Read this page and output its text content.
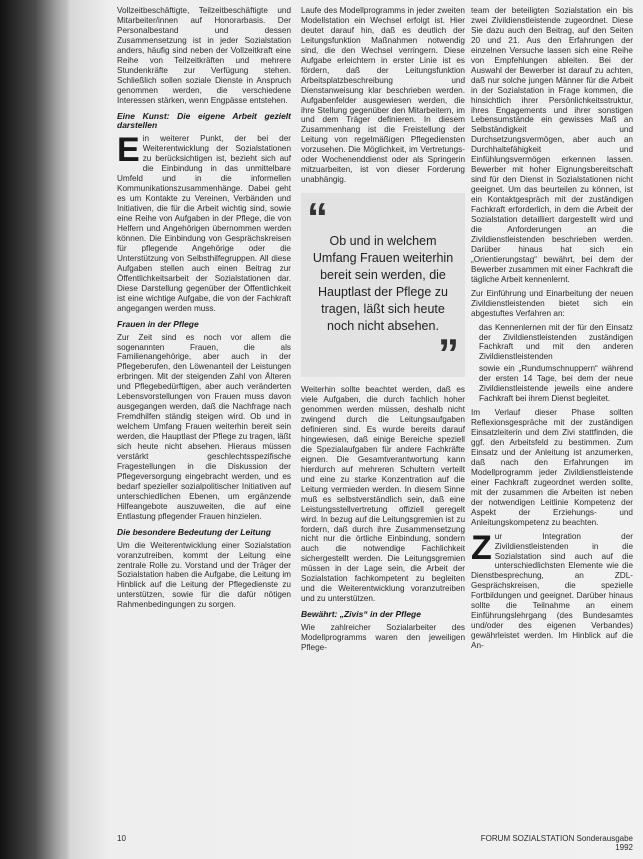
Vollzeitbeschäftigte, Teilzeitbeschäftigte und Mitarbeiter/innen auf Honorarbasis. Der Personalbestand und dessen Zusammensetzung ist in jeder Sozialstation anders, häufig sind neben der Vollzeitkraft eine Reihe von Teilzeitkräften und mehrere Stundenkräfte zur Verfügung stehen. Schließlich sollen soziale Dienste in Anspruch genommen werden, die verschiedene Interessen stärken, wenn Engpässe entstehen.

Eine Kunst: Die eigene Arbeit gezielt darstellen

Ein weiterer Punkt, der bei der Weiterentwicklung der Sozialstationen zu berücksichtigen ist, bezieht sich auf die Einbindung in das unmittelbare Umfeld und in die informellen Kommunikationszusammenhänge. Dabei geht es um Kontakte zu Vereinen, Verbänden und Initiativen, die für die Arbeit wichtig sind, sowie eine Reihe von Aufgaben in der Pflege, die von Helfern und Angehörigen übernommen werden können. Die Einbindung von Gesprächskreisen für pflegende Angehörige oder die Unterstützung von Selbsthilfegruppen. All diese Aufgaben stellen auch einen Beitrag zur Öffentlichkeitsarbeit der Sozialstationen dar. Diese Darstellung gegenüber der Öffentlichkeit ist eine wichtige Aufgabe, die von der Fachkraft angegangen werden muss.

Frauen in der Pflege

Zur Zeit sind es noch vor allem die sogenannten Frauen, die als Familienangehörige, aber auch in der Pflegeberufen, den Löwenanteil der Leistungen erbringen. Mit der steigenden Zahl von Älteren und Pflegebedürftigen, aber auch veränderten Lebensvorstellungen von Frauen muss davon ausgegangen werden, daß die Nachfrage nach Fremdhilfen ständig steigen wird. Ob und in welchem Umfang Frauen weiterhin bereit sein werden, die Hauptlast der Pflege zu tragen, läßt sich heute nicht absehen. Hieraus müssen verstärkt geschlechtsspezifische Fragestellungen in die Diskussion der Pflegeversorgung eingebracht werden, und es bedarf spezieller sozialpolitischer Initiativen auf unterschiedlichen Ebenen, um ergänzende Hilfeangebote auszuweiten, die auf eine Entlastung pflegender Frauen hinzielen.

Die besondere Bedeutung der Leitung

Um die Weiterentwicklung einer Sozialstation voranzutreiben, kommt der Leitung eine zentrale Rolle zu. Vorstand und der Träger der Sozialstation haben die Aufgabe, die Leitung im Hinblick auf die Leitung der Pflegedienste zu unterstützen, sowie für die dafür nötigen Rahmenbedingungen zu sorgen.

Laufe des Modellprogramms in jeder zweiten Modellstation ein Wechsel erfolgt ist. Hier deutet darauf hin, daß es deutlich der Leitungsfunktion Maßnahmen notwendig sind, die den Wechsel verringern. Diese Aufgabe erleichtern in erster Linie ist es fördern, daß der Leitungsfunktion Arbeitsplatzbeschreibung und Dienstanweisung klar beschrieben werden. Aufgabenfelder ausgewiesen werden, die ihre Stellung gegenüber den Mitarbeitern, im und dem Träger definieren. In diesem Zusammenhang ist die Freistellung der Leitung von regelmäßigen Pflegediensten vorzusehen. Die Möglichkeit, im Vertretungs- oder Wochenenddienst oder als Springerin mitzuarbeiten, ist von dieser Forderung unabhängig.

“ Ob und in welchem Umfang Frauen weiterhin bereit sein werden, die Hauptlast der Pflege zu tragen, läßt sich heute noch nicht absehen.
”

Weiterhin sollte beachtet werden, daß es viele Aufgaben, die durch fachlich hoher genommen werden müssen, deshalb nicht zwingend durch die Leitungsaufgaben definieren sind. Es wurde bereits darauf hingewiesen, daß einige Bereiche speziell die Spezialaufgaben für andere Fachkräfte eignen. Die Gesamtverantwortung kann hierdurch auf mehreren Schultern verteilt und eine zu starke Konzentration auf die Leitung vermieden werden. In diesem Sinne muß es selbstverständlich sein, daß eine Leistungsstellvertretung offiziell geregelt wird. In bezug auf die Leitungsgremien ist zu fordern, daß durch ihre Zusammensetzung nicht nur die örtliche Einbindung, sondern auch die notwendige Fachlichkeit sichergestellt werden. Die Leitungsgremien müssen in der Lage sein, die Arbeit der Sozialstation fachkompetent zu begleiten und die Weiterentwicklung voranzutreiben und zu unterstützen.

Bewährt: „Zivis“ in der Pflege

Wie zahlreicher Sozialarbeiter des Modellprogramms waren den jeweiligen Pflege-

team der beteiligten Sozialstation ein bis zwei Zivildienstleistende zugeordnet. Diese Sie dazu auch den Beitrag, auf den Seiten 20 und 21. Aus den Erfahrungen der einzelnen Versuche lassen sich eine Reihe von Empfehlungen ableiten. Bei der Auswahl der Bewerber ist darauf zu achten, daß nur solche jungen Männer für die Arbeit in der Sozialstation in Frage kommen, die hinsichtlich ihrer Persönlichkeitsstruktur, ihres Engagements und ihrer sonstigen Lebensumstände ein gewisses Maß an Selbständigkeit und Durchsetzungsvermögen, aber auch an Durchhaltefähigkeit und Einfühlungsvermögen erkennen lassen. Bewerber mit hoher Eignungsbereitschaft sind für den Dienst in Sozialstationen nicht geeignet. Um das beurteilen zu können, ist ein Kontaktgespräch mit der zuständigen Fachkraft erforderlich, in dem die Arbeit der Sozialstation detailliert dargestellt wird und die Anforderungen an die Zivildienstleistenden beschrieben werden. Darüber hinaus hat sich ein „Orientierungstag“ bewährt, bei dem der Bewerber zusammen mit einer Fachkraft die tägliche Arbeit kennenlernt.

Zur Einführung und Einarbeitung der neuen Zivildienstleistenden bietet sich ein abgestuftes Verfahren an:

• das Kennenlernen mit der für den Einsatz der Zivildienstleistenden zuständigen Fachkraft und mit den anderen Zivildienstleistenden
• sowie ein „Rundumschnuppern“ während der ersten 14 Tage, bei dem der neue Zivildienstleistende jeweils eine andere Fachkraft bei ihrem Dienst begleitet.

Im Verlauf dieser Phase sollten Reflexionsgespräche mit der zuständigen Einsatzleiterin und dem Zivi stattfinden, die ggf. den Arbeitsfeld zu bestimmen. Zum Einsatz und der Anleitung ist anzumerken, daß nach den Erfahrungen im Modellprogramm jeder Zivildienstleistende einer Fachkraft zugeordnet werden sollte, mit der zusammen die Arbeiten ist neben der notwendigen Leitlinie Kompetenz der Aspekt der Erziehungs- und Anleitungskompetenz zu beachten.

Zur Integration der Zivildienstleistenden in die Sozialstation sind auch auf die unterschiedlichsten Elemente wie die Dienstbesprechung, an ZDL-Gesprächskreisen, die spezielle Fortbildungen und geeignet. Darüber hinaus sollte die Teilnahme an einem Einführungslehrgang (des Bundesamtes und/oder des eigenen Verbandes) gewährleistet werden. Im Hinblick auf die An-

10	FORUM SOZIALSTATION Sonderausgabe 1992
